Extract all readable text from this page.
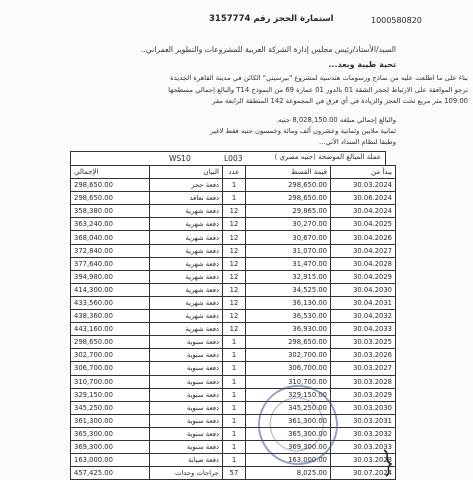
استمارة الحجز رقم 3157774	1000580820
السيد/الأستاذ/رئيس مجلس إدارة الشركة العربية للمشروعات والتطوير العمراني..
تحية طيبة وبعد...
بناء على ما اطلعت عليه من نماذج ورسومات هندسية لمشروع "بيرسيتي" الكائن في مدينة القاهرة الجديدة
نرجو الموافقة على الارتباط لحجز الشقة 01 بالدور 01 عمارة 69 من النموذج T14 والبالغ إجمالي مسطحها
109.00 متر مربع تحت العجز والزيادة في أي فرق في المجموعة 142 المنطقة الرابعة مقر
والبالغ إجمالي مبلغه 8,028,150.00 جنيه.
ثمانية ملايين وثمانية وعشرون ألف ومائة وخمسون جنيه فقط لاغير
وطبقا لنظام السداد الآتي...
WS10	L003	عملة المبالغ الموضحة (جنيه مصري )
الإجمالي	البيان	عدد	قيمة القسط	يبدأ من
298,650.00	دفعة حجز	1	298,650.00	30.03.2024
298,650.00	دفعة تعاقد	1	298,650.00	30.06.2024
358,380.00	دفعة شهرية	12	29,865.00	30.04.2024
363,240.00	دفعة شهرية	12	30,270.00	30.04.2025
368,040.00	دفعة شهرية	12	30,670.00	30.04.2026
372,840.00	دفعة شهرية	12	31,070.00	30.04.2027
377,640.00	دفعة شهرية	12	31,470.00	30.04.2028
394,980.00	دفعة شهرية	12	32,915.00	30.04.2029
414,300.00	دفعة شهرية	12	34,525.00	30.04.2030
433,560.00	دفعة شهرية	12	36,130.00	30.04.2031
438,360.00	دفعة شهرية	12	36,530.00	30.04.2032
443,160.00	دفعة شهرية	12	36,930.00	30.04.2033
298,650.00	دفعة سنوية	1	298,650.00	30.03.2025
302,700.00	دفعة سنوية	1	302,700.00	30.03.2026
306,700.00	دفعة سنوية	1	306,700.00	30.03.2027
310,700.00	دفعة سنوية	1	310,700.00	30.03.2028
329,150.00	دفعة سنوية	1	329,150.00	30.03.2029
345,250.00	دفعة سنوية	1	345,250.00	30.03.2030
361,300.00	دفعة سنوية	1	361,300.00	30.03.2031
365,300.00	دفعة سنوية	1	365,300.00	30.03.2032
369,300.00	دفعة سنوية	1	369,300.00	30.03.2033
163,000.00	دفعة صيانة	1	163,000.00	30.03.2028
457,425.00	جراجات وحدات	57	8,025.00	30.07.2024
